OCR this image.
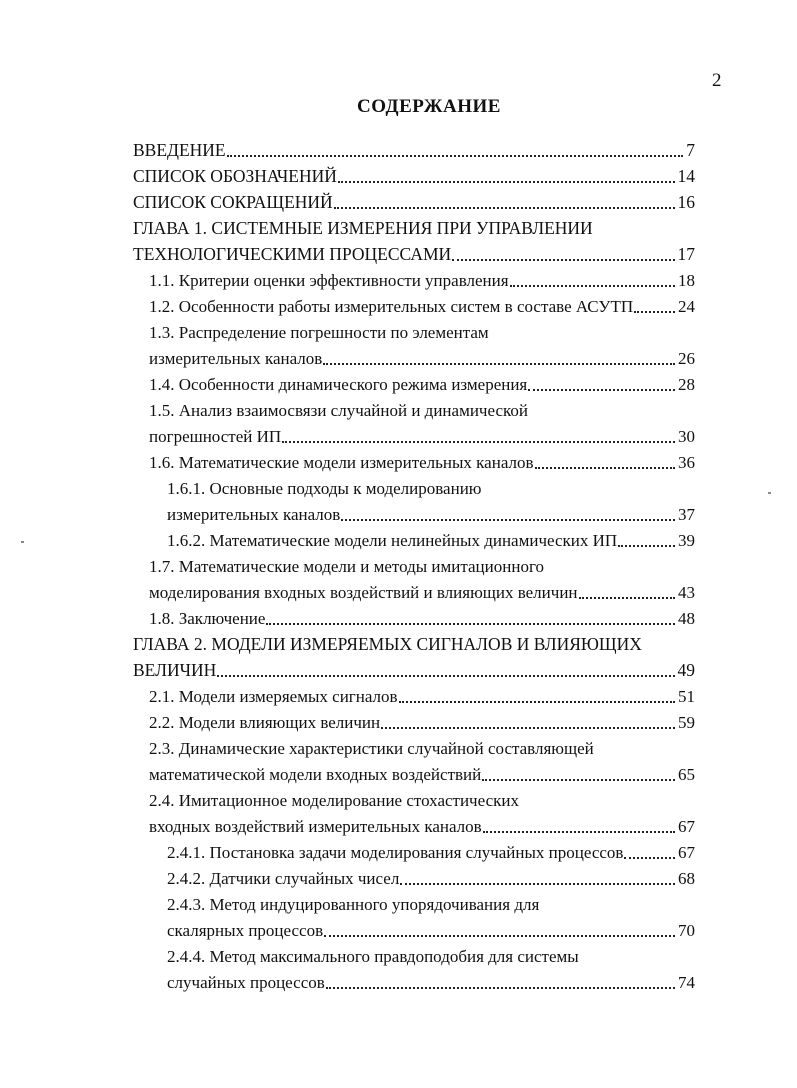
2
СОДЕРЖАНИЕ
ВВЕДЕНИЕ	7
СПИСОК ОБОЗНАЧЕНИЙ	14
СПИСОК СОКРАЩЕНИЙ	16
ГЛАВА 1. СИСТЕМНЫЕ ИЗМЕРЕНИЯ ПРИ УПРАВЛЕНИИ
ТЕХНОЛОГИЧЕСКИМИ ПРОЦЕССАМИ	17
1.1. Критерии оценки эффективности управления	18
1.2. Особенности работы измерительных систем в составе АСУТП	24
1.3. Распределение погрешности по элементам
измерительных каналов	26
1.4. Особенности динамического режима измерения	28
1.5. Анализ взаимосвязи случайной и динамической
погрешностей ИП	30
1.6. Математические модели измерительных каналов	36
1.6.1. Основные подходы к моделированию
измерительных каналов	37
1.6.2. Математические модели нелинейных динамических ИП	39
1.7. Математические модели и методы имитационного
моделирования входных воздействий и влияющих величин	43
1.8. Заключение	48
ГЛАВА 2. МОДЕЛИ ИЗМЕРЯЕМЫХ СИГНАЛОВ И ВЛИЯЮЩИХ
ВЕЛИЧИН	49
2.1. Модели измеряемых сигналов	51
2.2. Модели влияющих величин	59
2.3. Динамические характеристики случайной составляющей
математической модели входных воздействий	65
2.4. Имитационное моделирование стохастических
входных воздействий измерительных каналов	67
2.4.1. Постановка задачи моделирования случайных процессов	67
2.4.2. Датчики случайных чисел	68
2.4.3. Метод индуцированного упорядочивания для
скалярных процессов	70
2.4.4. Метод максимального правдоподобия для системы
случайных процессов	74
